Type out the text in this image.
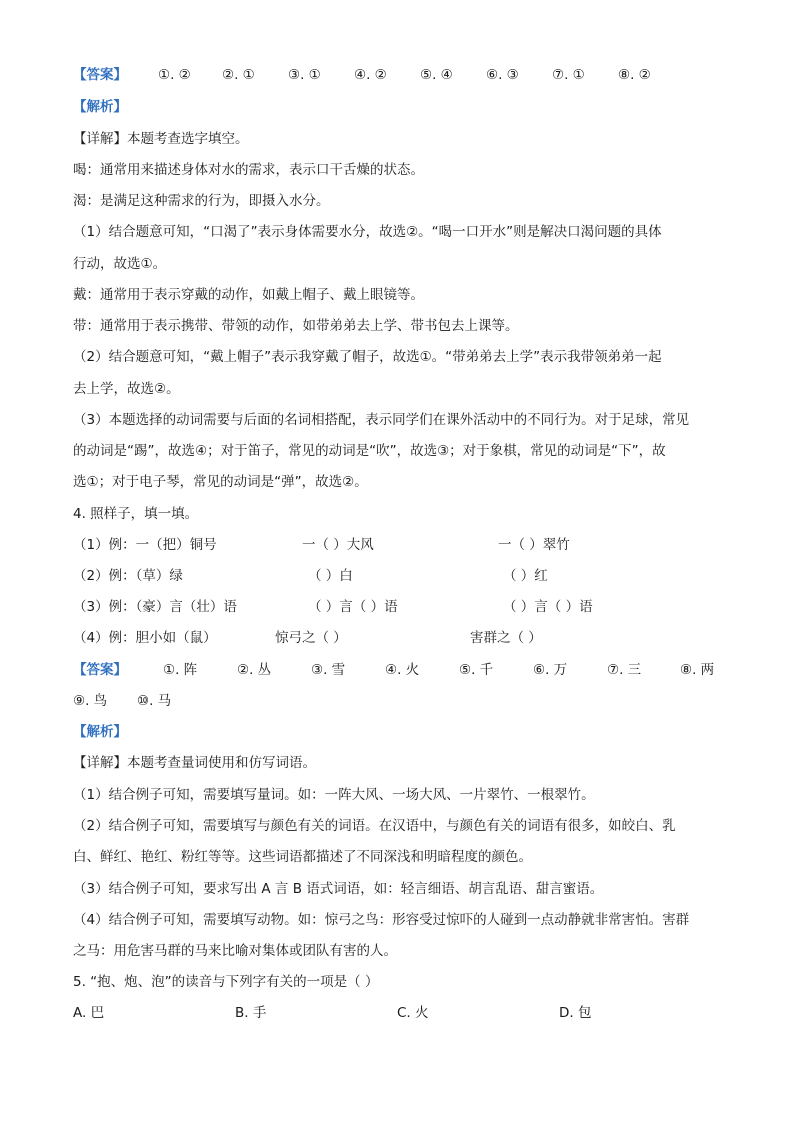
【答案】 ①. ② ②. ① ③. ① ④. ② ⑤. ④ ⑥. ③ ⑦. ① ⑧. ②
【解析】
【详解】本题考查选字填空。
喝：通常用来描述身体对水的需求，表示口干舌燥的状态。
渴：是满足这种需求的行为，即摄入水分。
（1）结合题意可知，“口渴了”表示身体需要水分，故选②。“喝一口开水”则是解决口渴问题的具体
行动，故选①。
戴：通常用于表示穿戴的动作，如戴上帽子、戴上眼镜等。
带：通常用于表示携带、带领的动作，如带弟弟去上学、带书包去上课等。
（2）结合题意可知，“戴上帽子”表示我穿戴了帽子，故选①。“带弟弟去上学”表示我带领弟弟一起
去上学，故选②。
（3）本题选择的动词需要与后面的名词相搭配，表示同学们在课外活动中的不同行为。对于足球，常见
的动词是“踢”，故选④；对于笛子，常见的动词是“吹”，故选③；对于象棋，常见的动词是“下”，故
选①；对于电子琴，常见的动词是“弹”，故选②。
4. 照样子，填一填。
（1）例：一（把）铜号	一（ ）大风	一（ ）翠竹
（2）例：（草）绿	（ ）白	（ ）红
（3）例：（豪）言（壮）语	（ ）言（ ）语	（ ）言（ ）语
（4）例：胆小如（鼠）	惊弓之（ ）	害群之（ ）
【答案】	①. 阵	②. 丛	③. 雪	④. 火	⑤. 千	⑥. 万	⑦. 三	⑧. 两
⑨. 鸟 ⑩. 马
【解析】
【详解】本题考查量词使用和仿写词语。
（1）结合例子可知，需要填写量词。如：一阵大风、一场大风、一片翠竹、一根翠竹。
（2）结合例子可知，需要填写与颜色有关的词语。在汉语中，与颜色有关的词语有很多，如皎白、乳
白、鲜红、艳红、粉红等等。这些词语都描述了不同深浅和明暗程度的颜色。
（3）结合例子可知，要求写出 A 言 B 语式词语，如：轻言细语、胡言乱语、甜言蜜语。
（4）结合例子可知，需要填写动物。如：惊弓之鸟：形容受过惊吓的人碰到一点动静就非常害怕。害群
之马：用危害马群的马来比喻对集体或团队有害的人。
5. “抱、炮、泡”的读音与下列字有关的一项是（ ）
A. 巴	B. 手	C. 火	D. 包
